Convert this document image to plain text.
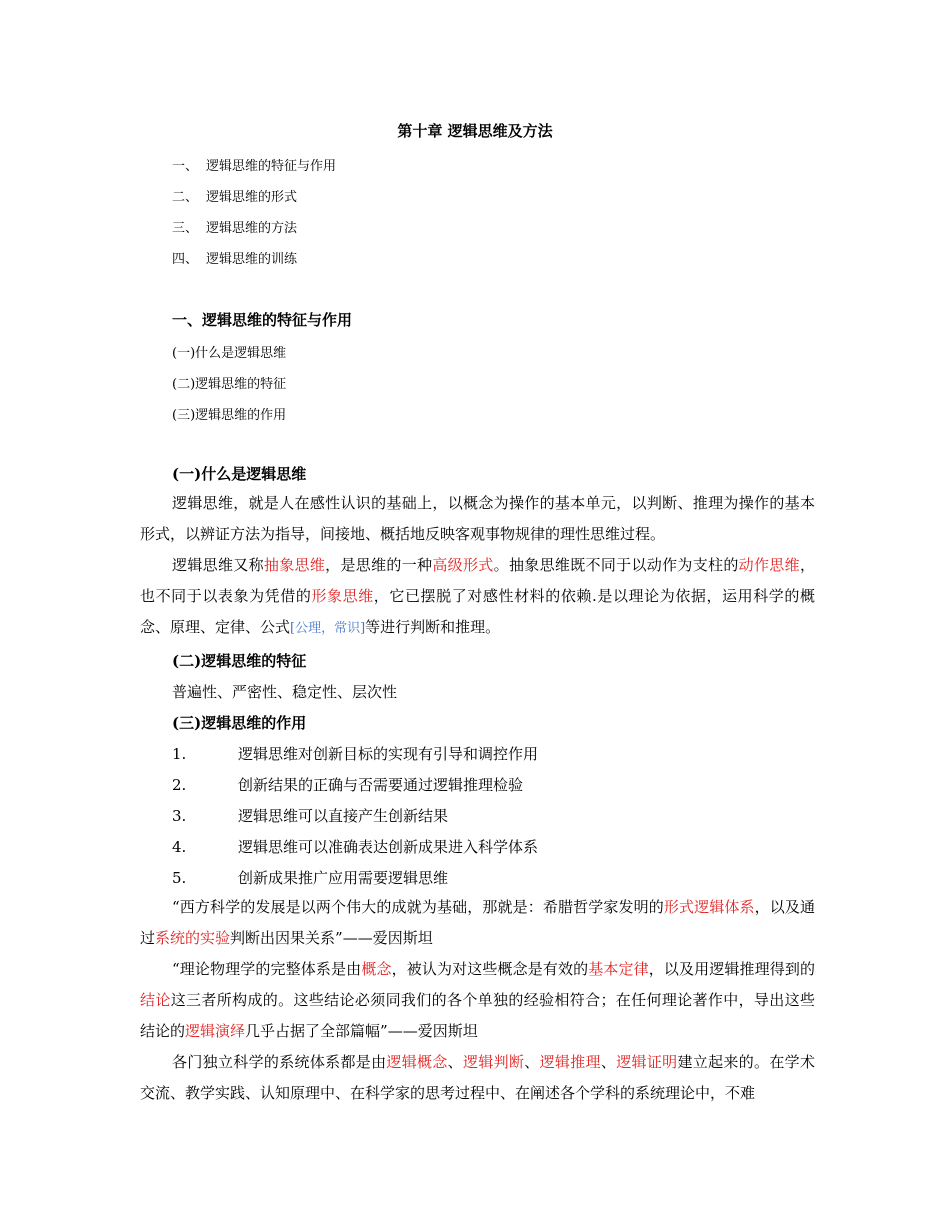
第十章 逻辑思维及方法
一、 逻辑思维的特征与作用
二、 逻辑思维的形式
三、 逻辑思维的方法
四、 逻辑思维的训练
一、逻辑思维的特征与作用
(一)什么是逻辑思维
(二)逻辑思维的特征
(三)逻辑思维的作用
(一)什么是逻辑思维
逻辑思维，就是人在感性认识的基础上，以概念为操作的基本单元，以判断、推理为操作的基本形式，以辨证方法为指导，间接地、概括地反映客观事物规律的理性思维过程。
逻辑思维又称抽象思维，是思维的一种高级形式。抽象思维既不同于以动作为支柱的动作思维，也不同于以表象为凭借的形象思维，它已摆脱了对感性材料的依赖.是以理论为依据，运用科学的概念、原理、定律、公式[公理，常识]等进行判断和推理。
(二)逻辑思维的特征
普遍性、严密性、稳定性、层次性
(三)逻辑思维的作用
1.	逻辑思维对创新目标的实现有引导和调控作用
2.	创新结果的正确与否需要通过逻辑推理检验
3.	逻辑思维可以直接产生创新结果
4.	逻辑思维可以准确表达创新成果进入科学体系
5.	创新成果推广应用需要逻辑思维
“西方科学的发展是以两个伟大的成就为基础，那就是：希腊哲学家发明的形式逻辑体系，以及通过系统的实验判断出因果关系”——爱因斯坦
“理论物理学的完整体系是由概念，被认为对这些概念是有效的基本定律，以及用逻辑推理得到的结论这三者所构成的。这些结论必须同我们的各个单独的经验相符合；在任何理论著作中，导出这些结论的逻辑演绎几乎占据了全部篇幅”——爱因斯坦
各门独立科学的系统体系都是由逻辑概念、逻辑判断、逻辑推理、逻辑证明建立起来的。在学术交流、教学实践、认知原理中、在科学家的思考过程中、在阐述各个学科的系统理论中，不难
